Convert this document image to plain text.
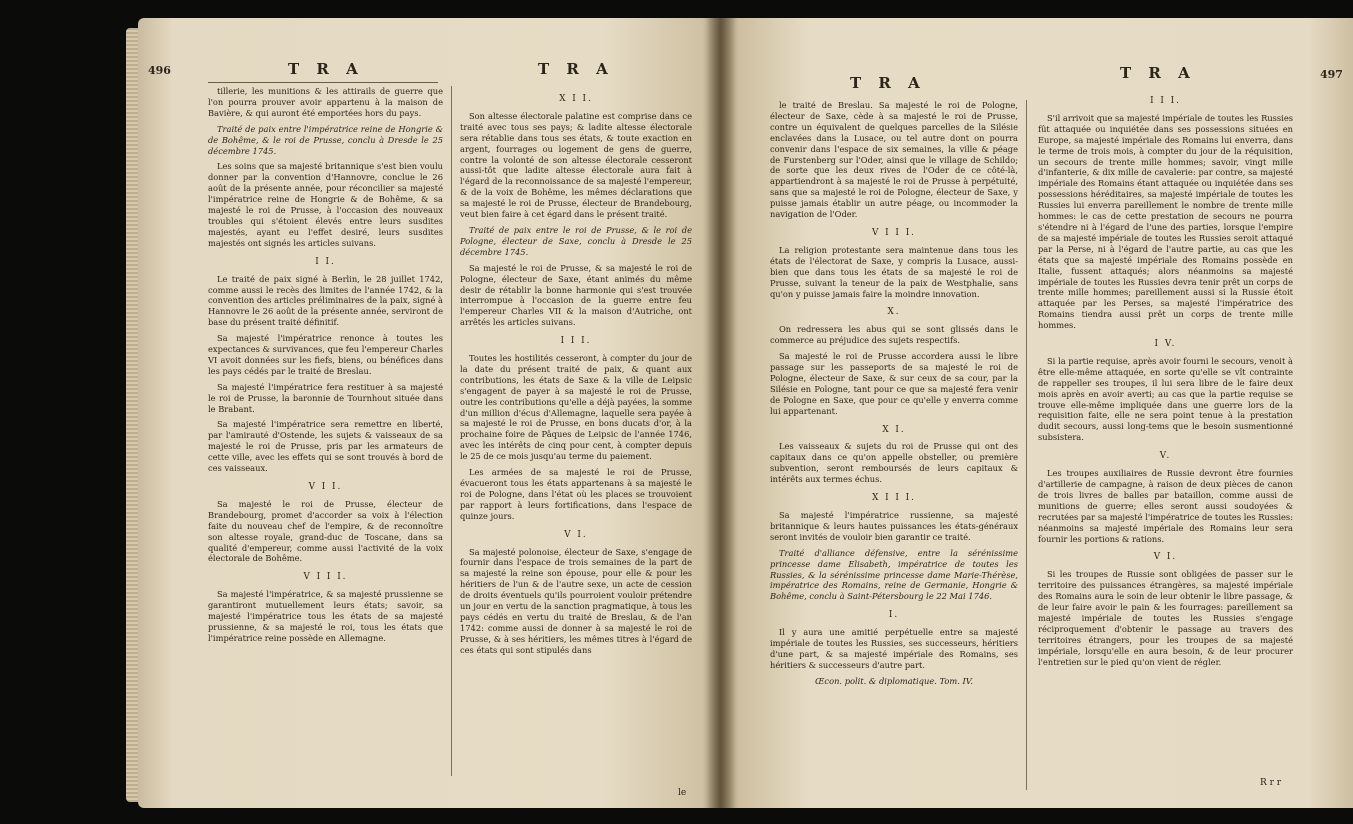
496	T R A	T R A

tillerie, les munitions & les attirails de guerre que l'on pourra prouver avoir appartenu à la maison de Bavière, & qui auront été emportées hors du pays.

Traité de paix entre l'impératrice reine de Hongrie & de Bohême, & le roi de Prusse, conclu à Dresde le 25 décembre 1745.

Les soins que sa majesté britannique s'est bien voulu donner par la convention d'Hannovre, conclue le 26 août de la présente année, pour réconcilier sa majesté l'impératrice reine de Hongrie & de Bohême, & sa majesté le roi de Prusse, à l'occasion des nouveaux troubles qui s'étoient élevés entre leurs susdites majestés, ayant eu l'effet desiré, leurs susdites majestés ont signés les articles suivans.

I I.

Le traité de paix signé à Berlin, le 28 juillet 1742, comme aussi le recès des limites de l'année 1742, & la convention des articles préliminaires de la paix, signé à Hannovre le 26 août de la présente année, serviront de base du présent traité définitif.

Sa majesté l'impératrice renonce à toutes les expectances & survivances, que feu l'empereur Charles VI avoit données sur les fiefs, biens, ou bénéfices dans les pays cédés par le traité de Breslau.

Sa majesté l'impératrice fera restituer à sa majesté le roi de Prusse, la baronnie de Tournhout située dans le Brabant.

Sa majesté l'impératrice sera remettre en liberté, par l'amirauté d'Ostende, les sujets & vaisseaux de sa majesté le roi de Prusse, pris par les armateurs de cette ville, avec les effets qui se sont trouvés à bord de ces vaisseaux.

V I I.

Sa majesté le roi de Prusse, électeur de Brandebourg, promet d'accorder sa voix à l'élection faite du nouveau chef de l'empire, & de reconnoître son altesse royale, grand-duc de Toscane, dans sa qualité d'empereur, comme aussi l'activité de la voix électorale de Bohême.

V I I I.

Sa majesté l'impératrice, & sa majesté prussienne se garantiront mutuellement leurs états; savoir, sa majesté l'impératrice tous les états de sa majesté prussienne, & sa majesté le roi, tous les états que l'impératrice reine possède en Allemagne.

X I I.

Son altesse électorale palatine est comprise dans ce traité avec tous ses pays; & ladite altesse électorale sera rétablie dans tous ses états, & toute exaction en argent, fourrages ou logement de gens de guerre, contre la volonté de son altesse électorale cesseront aussi-tôt que ladite altesse électorale aura fait à l'égard de la reconnoissance de sa majesté l'empereur, & de la voix de Bohême, les mêmes déclarations que sa majesté le roi de Prusse, électeur de Brandebourg, veut bien faire à cet égard dans le présent traité.

Traité de paix entre le roi de Prusse, & le roi de Pologne, électeur de Saxe, conclu à Dresde le 25 décembre 1745.

Sa majesté le roi de Prusse, & sa majesté le roi de Pologne, électeur de Saxe, étant animés du même desir de rétablir la bonne harmonie qui s'est trouvée interrompue à l'occasion de la guerre entre feu l'empereur Charles VII & la maison d'Autriche, ont arrêtés les articles suivans.

I I I.

Toutes les hostilités cesseront, à compter du jour de la date du présent traité de paix, & quant aux contributions, les états de Saxe & la ville de Leipsic s'engagent de payer à sa majesté le roi de Prusse, outre les contributions qu'elle a déjà payées, la somme d'un million d'écus d'Allemagne, laquelle sera payée à sa majesté le roi de Prusse, en bons ducats d'or, à la prochaine foire de Pâques de Leipsic de l'année 1746, avec les intérêts de cinq pour cent, à compter depuis le 25 de ce mois jusqu'au terme du paiement.

Les armées de sa majesté le roi de Prusse, évacueront tous les états appartenans à sa majesté le roi de Pologne, dans l'état où les places se trouvoient par rapport à leurs fortifications, dans l'espace de quinze jours.

V I.

Sa majesté polonoise, électeur de Saxe, s'engage de fournir dans l'espace de trois semaines de la part de sa majesté la reine son épouse, pour elle & pour les héritiers de l'un & de l'autre sexe, un acte de cession de droits éventuels qu'ils pourroient vouloir prétendre un jour en vertu de la sanction pragmatique, à tous les pays cédés en vertu du traité de Breslau, & de l'an 1742: comme aussi de donner à sa majesté le roi de Prusse, & à ses héritiers, les mêmes titres à l'égard de ces états qui sont stipulés dans

le
T R A
T R A	497

le traité de Breslau. Sa majesté le roi de Pologne, électeur de Saxe, cède à sa majesté le roi de Prusse, contre un équivalent de quelques parcelles de la Silésie enclavées dans la Lusace, ou tel autre dont on pourra convenir dans l'espace de six semaines, la ville & péage de Furstenberg sur l'Oder, ainsi que le village de Schildo; de sorte que les deux rives de l'Oder de ce côté-là, appartiendront à sa majesté le roi de Prusse à perpétuité, sans que sa majesté le roi de Pologne, électeur de Saxe, y puisse jamais établir un autre péage, ou incommoder la navigation de l'Oder.

V I I I.

La religion protestante sera maintenue dans tous les états de l'électorat de Saxe, y compris la Lusace, aussi-bien que dans tous les états de sa majesté le roi de Prusse, suivant la teneur de la paix de Westphalie, sans qu'on y puisse jamais faire la moindre innovation.

X.

On redressera les abus qui se sont glissés dans le commerce au préjudice des sujets respectifs.

Sa majesté le roi de Prusse accordera aussi le libre passage sur les passeports de sa majesté le roi de Pologne, électeur de Saxe, & sur ceux de sa cour, par la Silésie en Pologne, tant pour ce que sa majesté fera venir de Pologne en Saxe, que pour ce qu'elle y enverra comme lui appartenant.

X I.

Les vaisseaux & sujets du roi de Prusse qui ont des capitaux dans ce qu'on appelle obsteller, ou première subvention, seront remboursés de leurs capitaux & intérêts aux termes échus.

X I I I.

Sa majesté l'impératrice russienne, sa majesté britannique & leurs hautes puissances les états-généraux seront invités de vouloir bien garantir ce traité.

Traité d'alliance défensive, entre la sérénissime princesse dame Elisabeth, impératrice de toutes les Russies, & la sérénissime princesse dame Marie-Thérèse, impératrice des Romains, reine de Germanie, Hongrie & Bohême, conclu à Saint-Pétersbourg le 22 Mai 1746.

I.

Il y aura une amitié perpétuelle entre sa majesté impériale de toutes les Russies, ses successeurs, héritiers d'une part, & sa majesté impériale des Romains, ses héritiers & successeurs d'autre part.

Œcon. polit. & diplomatique. Tom. IV.

I I I.

S'il arrivoit que sa majesté impériale de toutes les Russies fût attaquée ou inquiétée dans ses possessions situées en Europe, sa majesté impériale des Romains lui enverra, dans le terme de trois mois, à compter du jour de la réquisition, un secours de trente mille hommes; savoir, vingt mille d'infanterie, & dix mille de cavalerie: par contre, sa majesté impériale des Romains étant attaquée ou inquiétée dans ses possessions héréditaires, sa majesté impériale de toutes les Russies lui enverra pareillement le nombre de trente mille hommes: le cas de cette prestation de secours ne pourra s'étendre ni à l'égard de l'une des parties, lorsque l'empire de sa majesté impériale de toutes les Russies seroit attaqué par la Perse, ni à l'égard de l'autre partie, au cas que les états que sa majesté impériale des Romains possède en Italie, fussent attaqués; alors néanmoins sa majesté impériale de toutes les Russies devra tenir prêt un corps de trente mille hommes; pareillement aussi si la Russie étoit attaquée par les Perses, sa majesté l'impératrice des Romains tiendra aussi prêt un corps de trente mille hommes.

I V.

Si la partie requise, après avoir fourni le secours, venoit à être elle-même attaquée, en sorte qu'elle se vît contrainte de rappeller ses troupes, il lui sera libre de le faire deux mois après en avoir averti; au cas que la partie requise se trouve elle-même impliquée dans une guerre lors de la requisition faite, elle ne sera point tenue à la prestation dudit secours, aussi long-tems que le besoin susmentionné subsistera.

V.

Les troupes auxiliaires de Russie devront être fournies d'artillerie de campagne, à raison de deux pièces de canon de trois livres de balles par bataillon, comme aussi de munitions de guerre; elles seront aussi soudoyées & recrutées par sa majesté l'impératrice de toutes les Russies: néanmoins sa majesté impériale des Romains leur sera fournir les portions & rations.

V I.

Si les troupes de Russie sont obligées de passer sur le territoire des puissances étrangères, sa majesté impériale des Romains aura le soin de leur obtenir le libre passage, & de leur faire avoir le pain & les fourrages: pareillement sa majesté impériale de toutes les Russies s'engage réciproquement d'obtenir le passage au travers des territoires étrangers, pour les troupes de sa majesté impériale, lorsqu'elle en aura besoin, & de leur procurer l'entretien sur le pied qu'on vient de régler.

R r r
